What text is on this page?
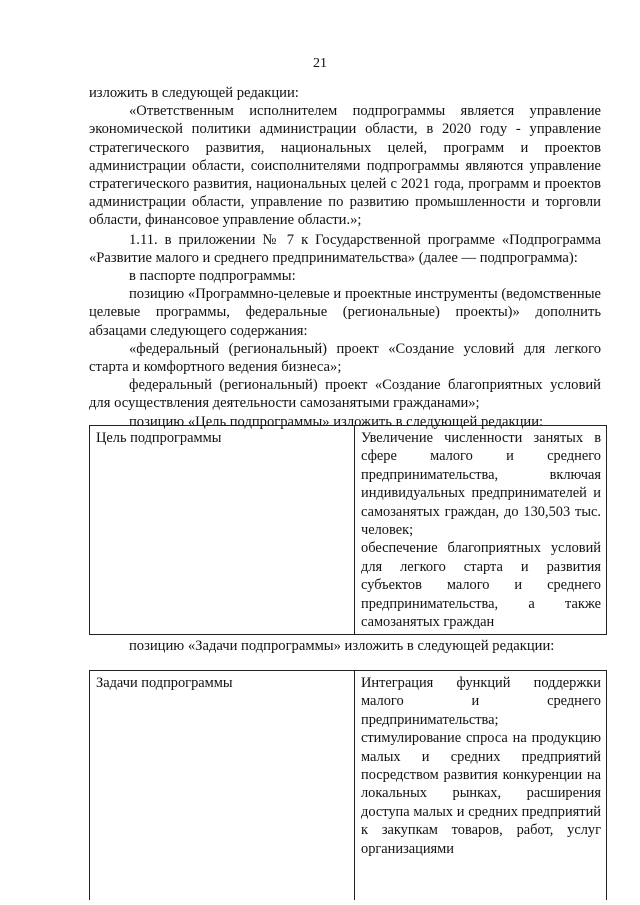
21

изложить в следующей редакции:

«Ответственным исполнителем подпрограммы является управление экономической политики администрации области, в 2020 году - управление стратегического развития, национальных целей, программ и проектов администрации области, соисполнителями подпрограммы являются управление стратегического развития, национальных целей с 2021 года, программ и проектов администрации области, управление по развитию промышленности и торговли области, финансовое управление области.»;

1.11. в приложении № 7 к Государственной программе «Подпрограмма «Развитие малого и среднего предпринимательства» (далее — подпрограмма):

в паспорте подпрограммы:

позицию «Программно-целевые и проектные инструменты (ведомственные целевые программы, федеральные (региональные) проекты)» дополнить абзацами следующего содержания:

«федеральный (региональный) проект «Создание условий для легкого старта и комфортного ведения бизнеса»;

федеральный (региональный) проект «Создание благоприятных условий для осуществления деятельности самозанятыми гражданами»;

позицию «Цель подпрограммы» изложить в следующей редакции:

Цель подпрограммы	Увеличение численности занятых в сфере малого и среднего предпринимательства, включая индивидуальных предпринимателей и самозанятых граждан, до 130,503 тыс. человек;

обеспечение благоприятных условий для легкого старта и развития субъектов малого и среднего предпринимательства, а также самозанятых граждан

позицию «Задачи подпрограммы» изложить в следующей редакции:
Задачи подпрограммы	Интеграция функций поддержки малого и среднего предпринимательства;

стимулирование спроса на продукцию малых и средних предприятий посредством развития конкуренции на локальных рынках, расширения доступа малых и средних предприятий к закупкам товаров, работ, услуг организациями
